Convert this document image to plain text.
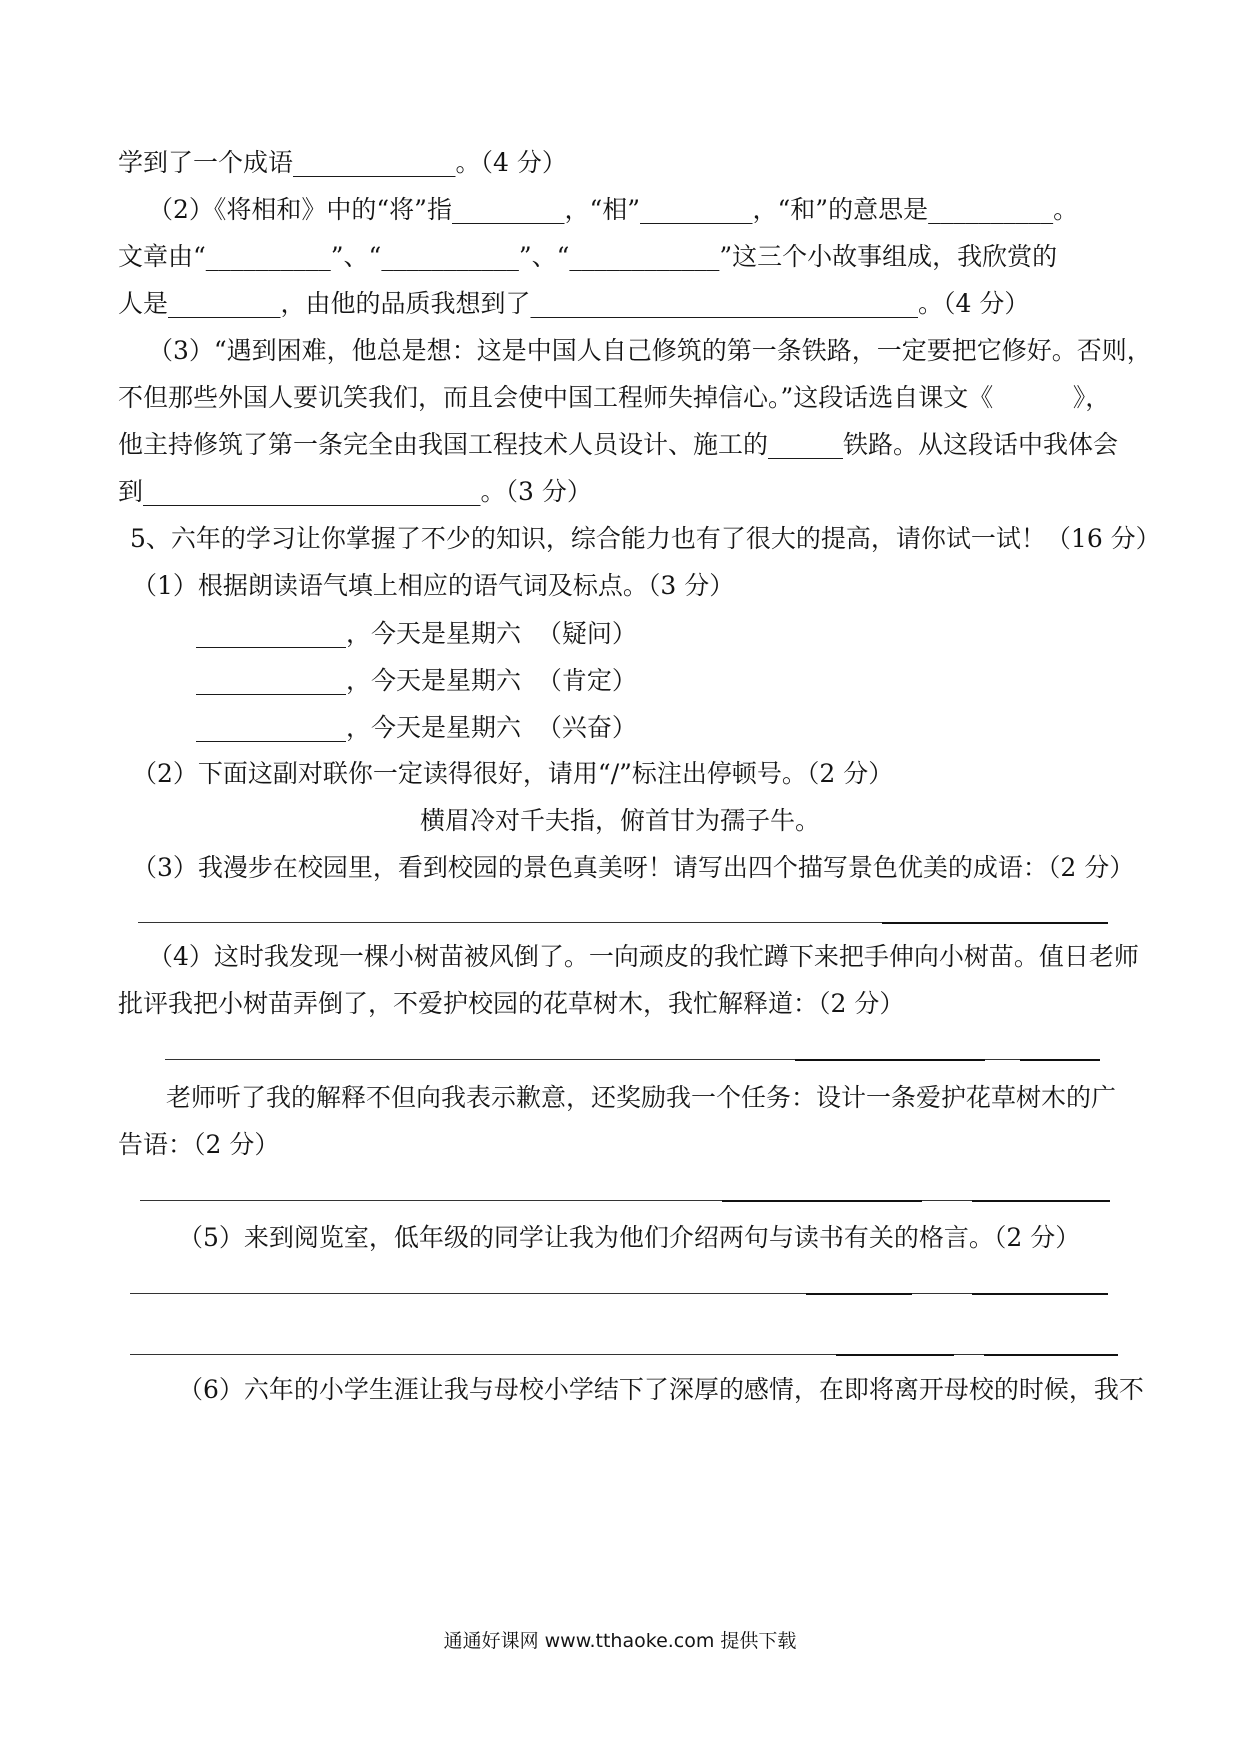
学到了一个成语_____________。（4 分）
（2）《将相和》中的“将”指_________，“相”_________，“和”的意思是__________。
文章由“__________”、“___________”、“____________”这三个小故事组成，我欣赏的
人是_________，由他的品质我想到了_______________________________。（4 分）
（3）“遇到困难，他总是想：这是中国人自己修筑的第一条铁路，一定要把它修好。否则，
不但那些外国人要讥笑我们，而且会使中国工程师失掉信心。”这段话选自课文《          》，
他主持修筑了第一条完全由我国工程技术人员设计、施工的______铁路。从这段话中我体会
到___________________________。（3 分）
5、六年的学习让你掌握了不少的知识，综合能力也有了很大的提高，请你试一试！（16 分）
（1）根据朗读语气填上相应的语气词及标点。（3 分）
____________，今天是星期六  （疑问）
____________，今天是星期六  （肯定）
____________，今天是星期六  （兴奋）
（2）下面这副对联你一定读得很好，请用“/”标注出停顿号。（2 分）
横眉冷对千夫指，俯首甘为孺子牛。
（3）我漫步在校园里，看到校园的景色真美呀！请写出四个描写景色优美的成语：（2 分）
（4）这时我发现一棵小树苗被风倒了。一向顽皮的我忙蹲下来把手伸向小树苗。值日老师
批评我把小树苗弄倒了，不爱护校园的花草树木，我忙解释道：（2 分）
老师听了我的解释不但向我表示歉意，还奖励我一个任务：设计一条爱护花草树木的广
告语：（2 分）
（5）来到阅览室，低年级的同学让我为他们介绍两句与读书有关的格言。（2 分）
（6）六年的小学生涯让我与母校小学结下了深厚的感情，在即将离开母校的时候，我不
通通好课网 www.tthaoke.com 提供下载
